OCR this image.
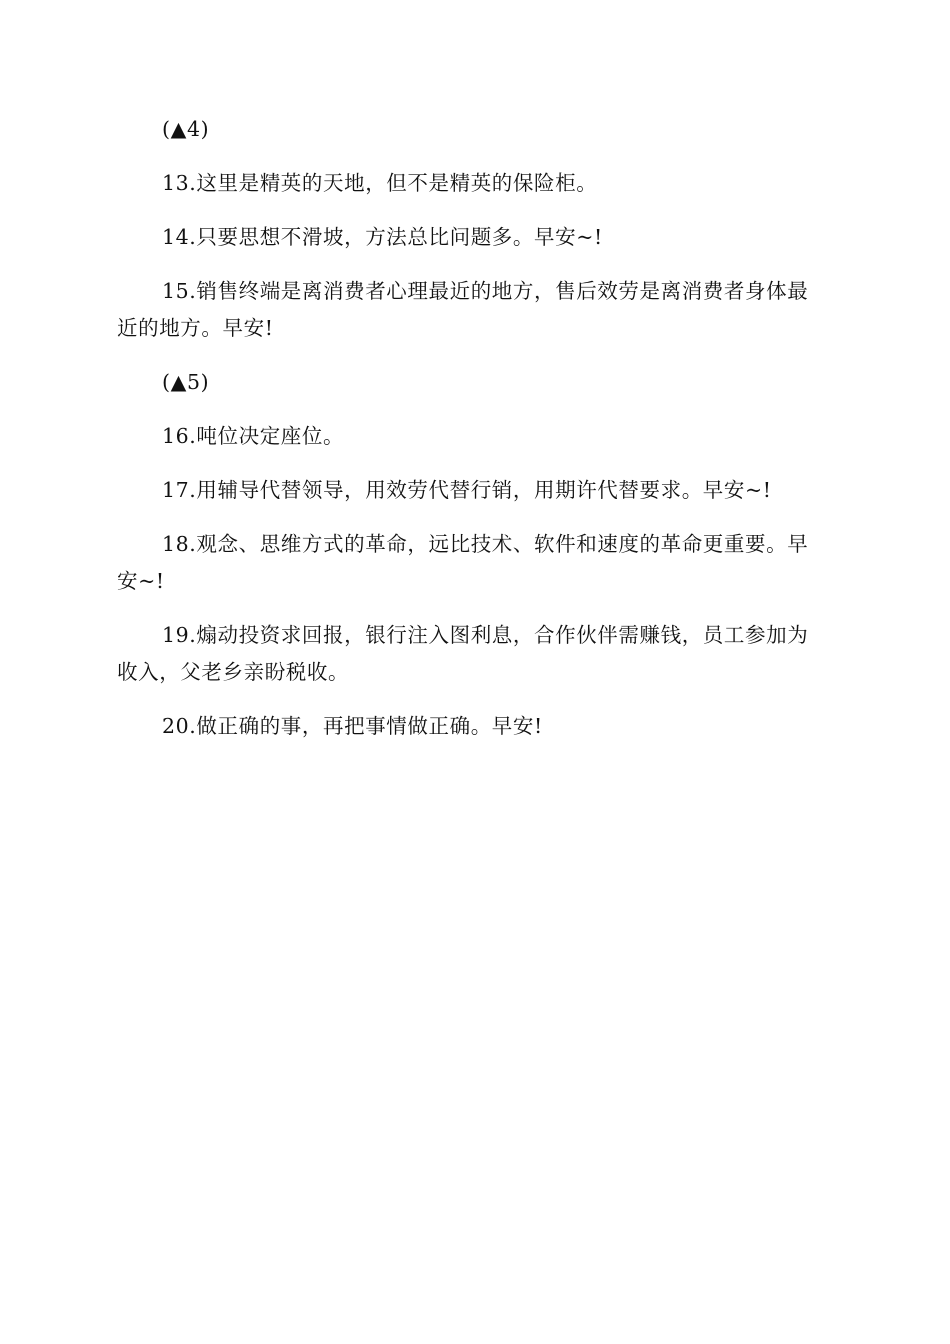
(▲4)

13.这里是精英的天地，但不是精英的保险柜。

14.只要思想不滑坡，方法总比问题多。早安~!

15.销售终端是离消费者心理最近的地方，售后效劳是离消费者身体最近的地方。早安!

(▲5)

16.吨位决定座位。

17.用辅导代替领导，用效劳代替行销，用期许代替要求。早安~!

18.观念、思维方式的革命，远比技术、软件和速度的革命更重要。早安~!

19.煽动投资求回报，银行注入图利息，合作伙伴需赚钱，员工参加为收入，父老乡亲盼税收。

20.做正确的事，再把事情做正确。早安!
